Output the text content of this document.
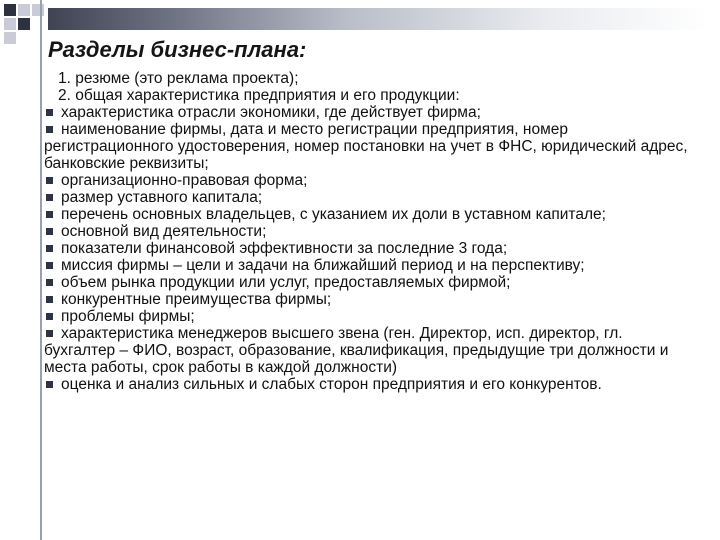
Разделы бизнес-плана:

1. резюме (это реклама проекта);

2. общая характеристика предприятия и его продукции:

характеристика отрасли экономики, где действует фирма;

наименование фирмы, дата и место регистрации предприятия, номер регистрационного удостоверения, номер постановки на учет в ФНС, юридический адрес, банковские реквизиты;

организационно-правовая форма;

размер уставного капитала;

перечень основных владельцев, с указанием их доли в уставном капитале;

основной вид деятельности;

показатели финансовой эффективности за последние 3 года;

миссия фирмы – цели и задачи на ближайший период и на перспективу;

объем рынка продукции или услуг, предоставляемых фирмой;

конкурентные преимущества фирмы;

проблемы фирмы;

характеристика менеджеров высшего звена (ген. Директор, исп. директор, гл. бухгалтер – ФИО, возраст, образование, квалификация, предыдущие три должности и места работы, срок работы в каждой должности)

оценка и анализ сильных и слабых сторон предприятия и его конкурентов.
